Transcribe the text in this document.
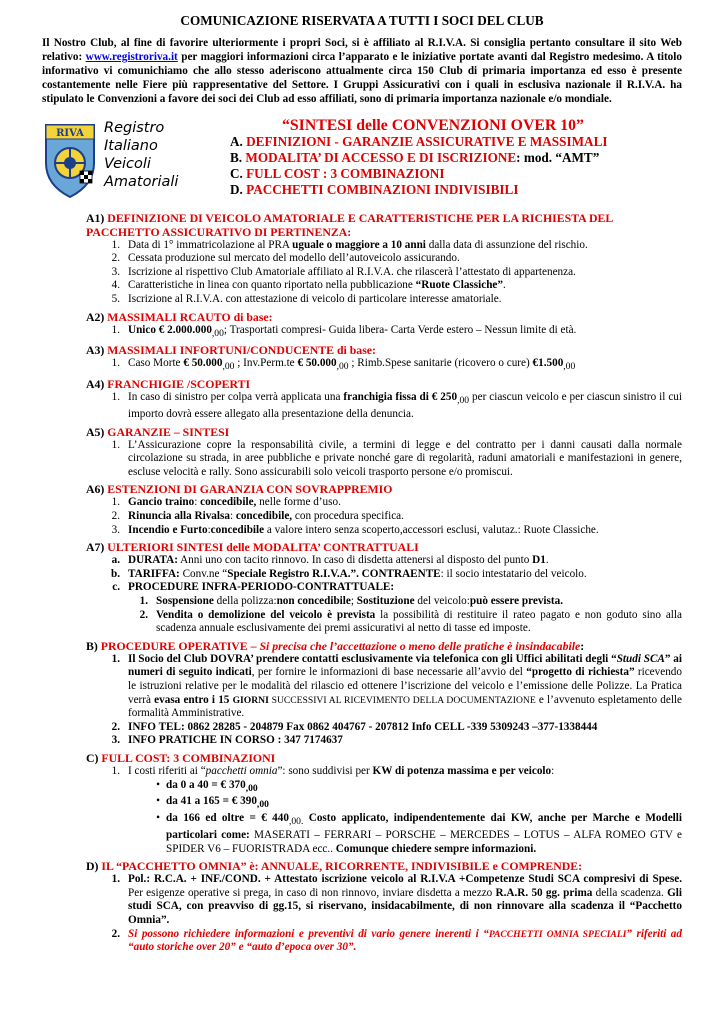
COMUNICAZIONE RISERVATA A TUTTI I SOCI DEL CLUB
Il Nostro Club, al fine di favorire ulteriormente i propri Soci, si è affiliato al R.I.V.A. Si consiglia pertanto consultare il sito Web relativo: www.registroriva.it per maggiori informazioni circa l’apparato e le iniziative portate avanti dal Registro medesimo. A titolo informativo vi comunichiamo che allo stesso aderiscono attualmente circa 150 Club di primaria importanza ed esso è presente costantemente nelle Fiere più rappresentative del Settore. I Gruppi Assicurativi con i quali in esclusiva nazionale il R.I.V.A. ha stipulato le Convenzioni a favore dei soci dei Club ad esso affiliati, sono di primaria importanza nazionale e/o mondiale.
RIVA Registro
Italiano
Veicoli
Amatoriali
“SINTESI delle CONVENZIONI OVER 10”
A. DEFINIZIONI - GARANZIE ASSICURATIVE E MASSIMALI
B. MODALITA’ DI ACCESSO E DI ISCRIZIONE: mod. “AMT”
C. FULL COST : 3 COMBINAZIONI
D. PACCHETTI COMBINAZIONI INDIVISIBILI
A1) DEFINIZIONE DI VEICOLO AMATORIALE E CARATTERISTICHE PER LA RICHIESTA DEL PACCHETTO ASSICURATIVO DI PERTINENZA:
1. Data di 1° immatricolazione al PRA uguale o maggiore a 10 anni dalla data di assunzione del rischio.
2. Cessata produzione sul mercato del modello dell’autoveicolo assicurando.
3. Iscrizione al rispettivo Club Amatoriale affiliato al R.I.V.A. che rilascerà l’attestato di appartenenza.
4. Caratteristiche in linea con quanto riportato nella pubblicazione “Ruote Classiche”.
5. Iscrizione al R.I.V.A. con attestazione di veicolo di particolare interesse amatoriale.
A2) MASSIMALI RCAUTO di base:
1. Unico € $2.000.000_{,00}$; Trasportati compresi- Guida libera- Carta Verde estero – Nessun limite di età.
A3) MASSIMALI INFORTUNI/CONDUCENTE di base:
1. Caso Morte € $50.000_{,00}$ ; Inv.Perm.te € $50.000_{,00}$ ; Rimb.Spese sanitarie (ricovero o cure) $€1.500_{,00}$
A4) FRANCHIGIE /SCOPERTI
1. In caso di sinistro per colpa verrà applicata una franchigia fissa di € $250_{,00}$ per ciascun veicolo e per ciascun sinistro il cui importo dovrà essere allegato alla presentazione della denuncia.
A5) GARANZIE – SINTESI
1. L’Assicurazione copre la responsabilità civile, a termini di legge e del contratto per i danni causati dalla normale circolazione su strada, in aree pubbliche e private nonché gare di regolarità, raduni amatoriali e manifestazioni in genere, escluse velocità e rally. Sono assicurabili solo veicoli trasporto persone e/o promiscui.
A6) ESTENZIONI DI GARANZIA CON SOVRAPPREMIO
1. Gancio traino: concedibile, nelle forme d’uso.
2. Rinuncia alla Rivalsa: concedibile, con procedura specifica.
3. Incendio e Furto:concedibile a valore intero senza scoperto,accessori esclusi, valutaz.: Ruote Classiche.
A7) ULTERIORI SINTESI delle MODALITA’ CONTRATTUALI
a. DURATA: Anni uno con tacito rinnovo. In caso di disdetta attenersi al disposto del punto D1.
b. TARIFFA: Conv.ne “Speciale Registro R.I.V.A.”. CONTRAENTE: il socio intestatario del veicolo.
c. PROCEDURE INFRA-PERIODO-CONTRATTUALE:
1. Sospensione della polizza:non concedibile; Sostituzione del veicolo:può essere prevista.
2. Vendita o demolizione del veicolo è prevista la possibilità di restituire il rateo pagato e non goduto sino alla scadenza annuale esclusivamente dei premi assicurativi al netto di tasse ed imposte.
B) PROCEDURE OPERATIVE – Si precisa che l’accettazione o meno delle pratiche è insindacabile:
1. Il Socio del Club DOVRA’ prendere contatti esclusivamente via telefonica con gli Uffici abilitati degli “Studi SCA” ai numeri di seguito indicati, per fornire le informazioni di base necessarie all’avvio del “progetto di richiesta” ricevendo le istruzioni relative per le modalità del rilascio ed ottenere l’iscrizione del veicolo e l’emissione delle Polizze. La Pratica verrà evasa entro i 15 GIORNI SUCCESSIVI AL RICEVIMENTO DELLA DOCUMENTAZIONE e l’avvenuto espletamento delle formalità Amministrative.
2. INFO TEL: 0862 28285 - 204879 Fax 0862 404767 - 207812 Info CELL -339 5309243 –377-1338444
3. INFO PRATICHE IN CORSO : 347 7174637
C) FULL COST: 3 COMBINAZIONI
1. I costi riferiti ai “pacchetti omnia”: sono suddivisi per KW di potenza massima e per veicolo:
• da 0 a 40 = € $370_{,00}$
• da 41 a 165 = € $390_{,00}$
• da 166 ed oltre = € $440_{,00.}$ Costo applicato, indipendentemente dai KW, anche per Marche e Modelli particolari come: MASERATI – FERRARI – PORSCHE – MERCEDES – LOTUS – ALFA ROMEO GTV e SPIDER V6 – FUORISTRADA ecc.. Comunque chiedere sempre informazioni.
D) IL “PACCHETTO OMNIA” è: ANNUALE, RICORRENTE, INDIVISIBILE e COMPRENDE:
1. Pol.: R.C.A. + INF./COND. + Attestato iscrizione veicolo al R.I.V.A +Competenze Studi SCA compresivi di Spese. Per esigenze operative si prega, in caso di non rinnovo, inviare disdetta a mezzo R.A.R. 50 gg. prima della scadenza. Gli studi SCA, con preavviso di gg.15, si riservano, insidacabilmente, di non rinnovare alla scadenza il “Pacchetto Omnia”.
2. Si possono richiedere informazioni e preventivi di vario genere inerenti i “PACCHETTI OMNIA SPECIALI” riferiti ad “auto storiche over 20” e “auto d’epoca over 30”.
